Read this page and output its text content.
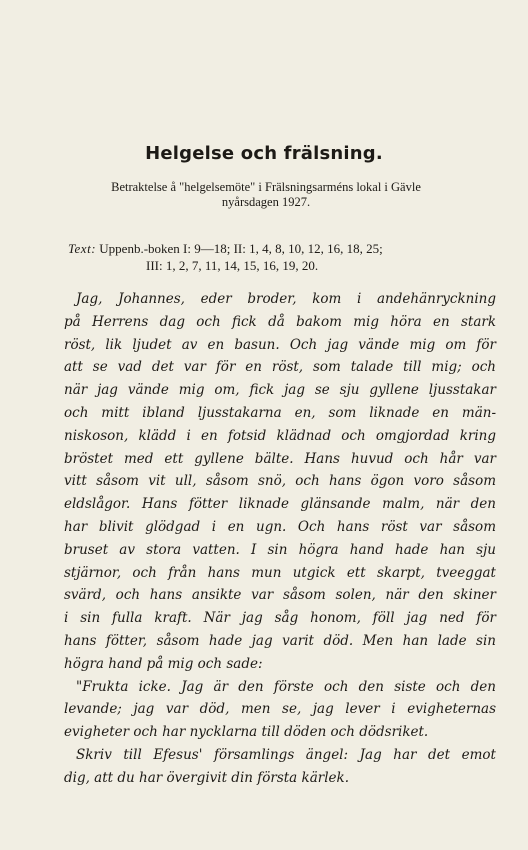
Helgelse och frälsning.
Betraktelse å "helgelsemöte" i Frälsningsarméns lokal i Gävle
nyårsdagen 1927.
Text: Uppenb.-boken I: 9—18; II: 1, 4, 8, 10, 12, 16, 18, 25;
III: 1, 2, 7, 11, 14, 15, 16, 19, 20.
Jag, Johannes, eder broder, kom i andehänryckning
på Herrens dag och fick då bakom mig höra en stark
röst, lik ljudet av en basun. Och jag vände mig om för
att se vad det var för en röst, som talade till mig; och
när jag vände mig om, fick jag se sju gyllene ljusstakar
och mitt ibland ljusstakarna en, som liknade en män-
niskoson, klädd i en fotsid klädnad och omgjordad kring
bröstet med ett gyllene bälte. Hans huvud och hår var
vitt såsom vit ull, såsom snö, och hans ögon voro såsom
eldslågor. Hans fötter liknade glänsande malm, när den
har blivit glödgad i en ugn. Och hans röst var såsom
bruset av stora vatten. I sin högra hand hade han sju
stjärnor, och från hans mun utgick ett skarpt, tveeggat
svärd, och hans ansikte var såsom solen, när den skiner
i sin fulla kraft. När jag såg honom, föll jag ned för
hans fötter, såsom hade jag varit död. Men han lade sin
högra hand på mig och sade:
"Frukta icke. Jag är den förste och den siste och den
levande; jag var död, men se, jag lever i evigheternas
evigheter och har nycklarna till döden och dödsriket.
Skriv till Efesus' församlings ängel: Jag har det emot
dig, att du har övergivit din första kärlek.
